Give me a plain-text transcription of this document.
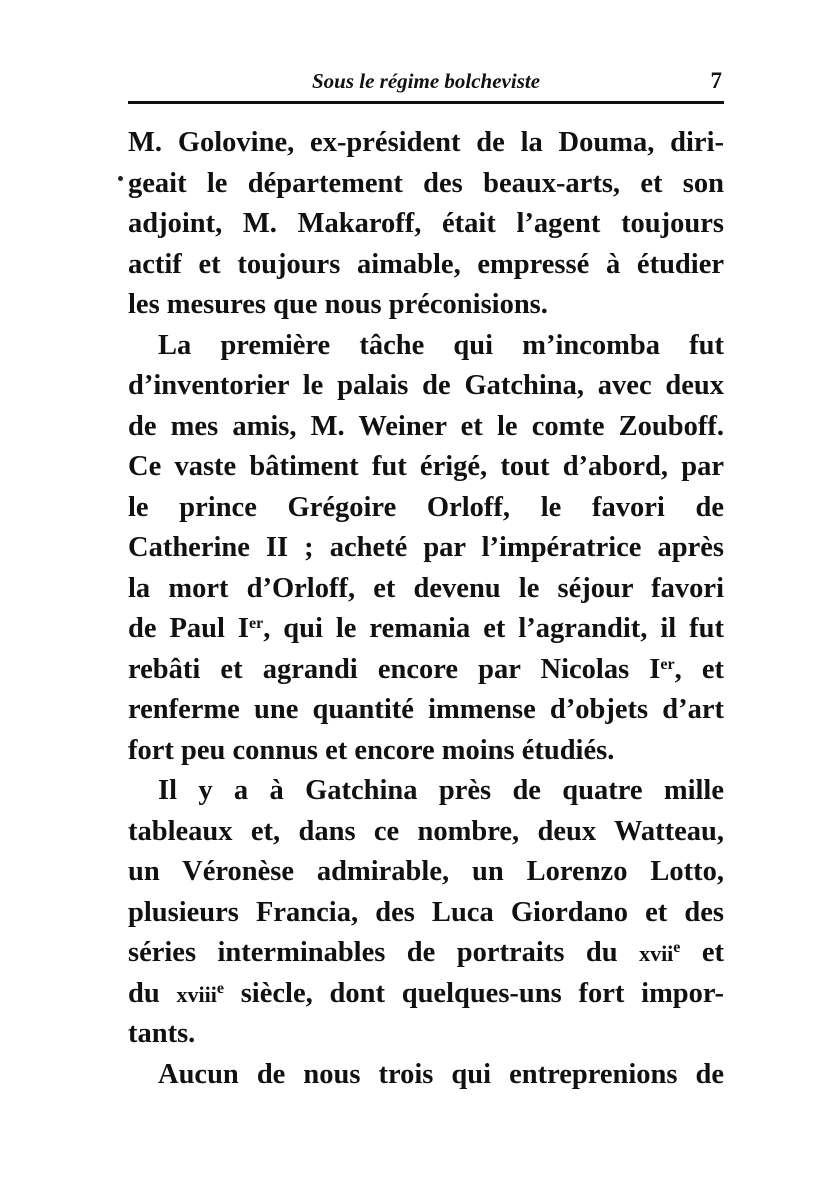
Sous le régime bolcheviste	7
M. Golovine, ex-président de la Douma, diri-
geait le département des beaux-arts, et son
adjoint, M. Makaroff, était l’agent toujours
actif et toujours aimable, empressé à étudier
les mesures que nous préconisions.
La première tâche qui m’incomba fut
d’inventorier le palais de Gatchina, avec deux
de mes amis, M. Weiner et le comte Zouboff.
Ce vaste bâtiment fut érigé, tout d’abord, par
le prince Grégoire Orloff, le favori de
Catherine II ; acheté par l’impératrice après
la mort d’Orloff, et devenu le séjour favori
de Paul Ier, qui le remania et l’agrandit, il fut
rebâti et agrandi encore par Nicolas Ier, et
renferme une quantité immense d’objets d’art
fort peu connus et encore moins étudiés.
Il y a à Gatchina près de quatre mille
tableaux et, dans ce nombre, deux Watteau,
un Véronèse admirable, un Lorenzo Lotto,
plusieurs Francia, des Luca Giordano et des
séries interminables de portraits du xvii$^e$ et
du xviii$^e$ siècle, dont quelques-uns fort impor-
tants.
Aucun de nous trois qui entreprenions de
